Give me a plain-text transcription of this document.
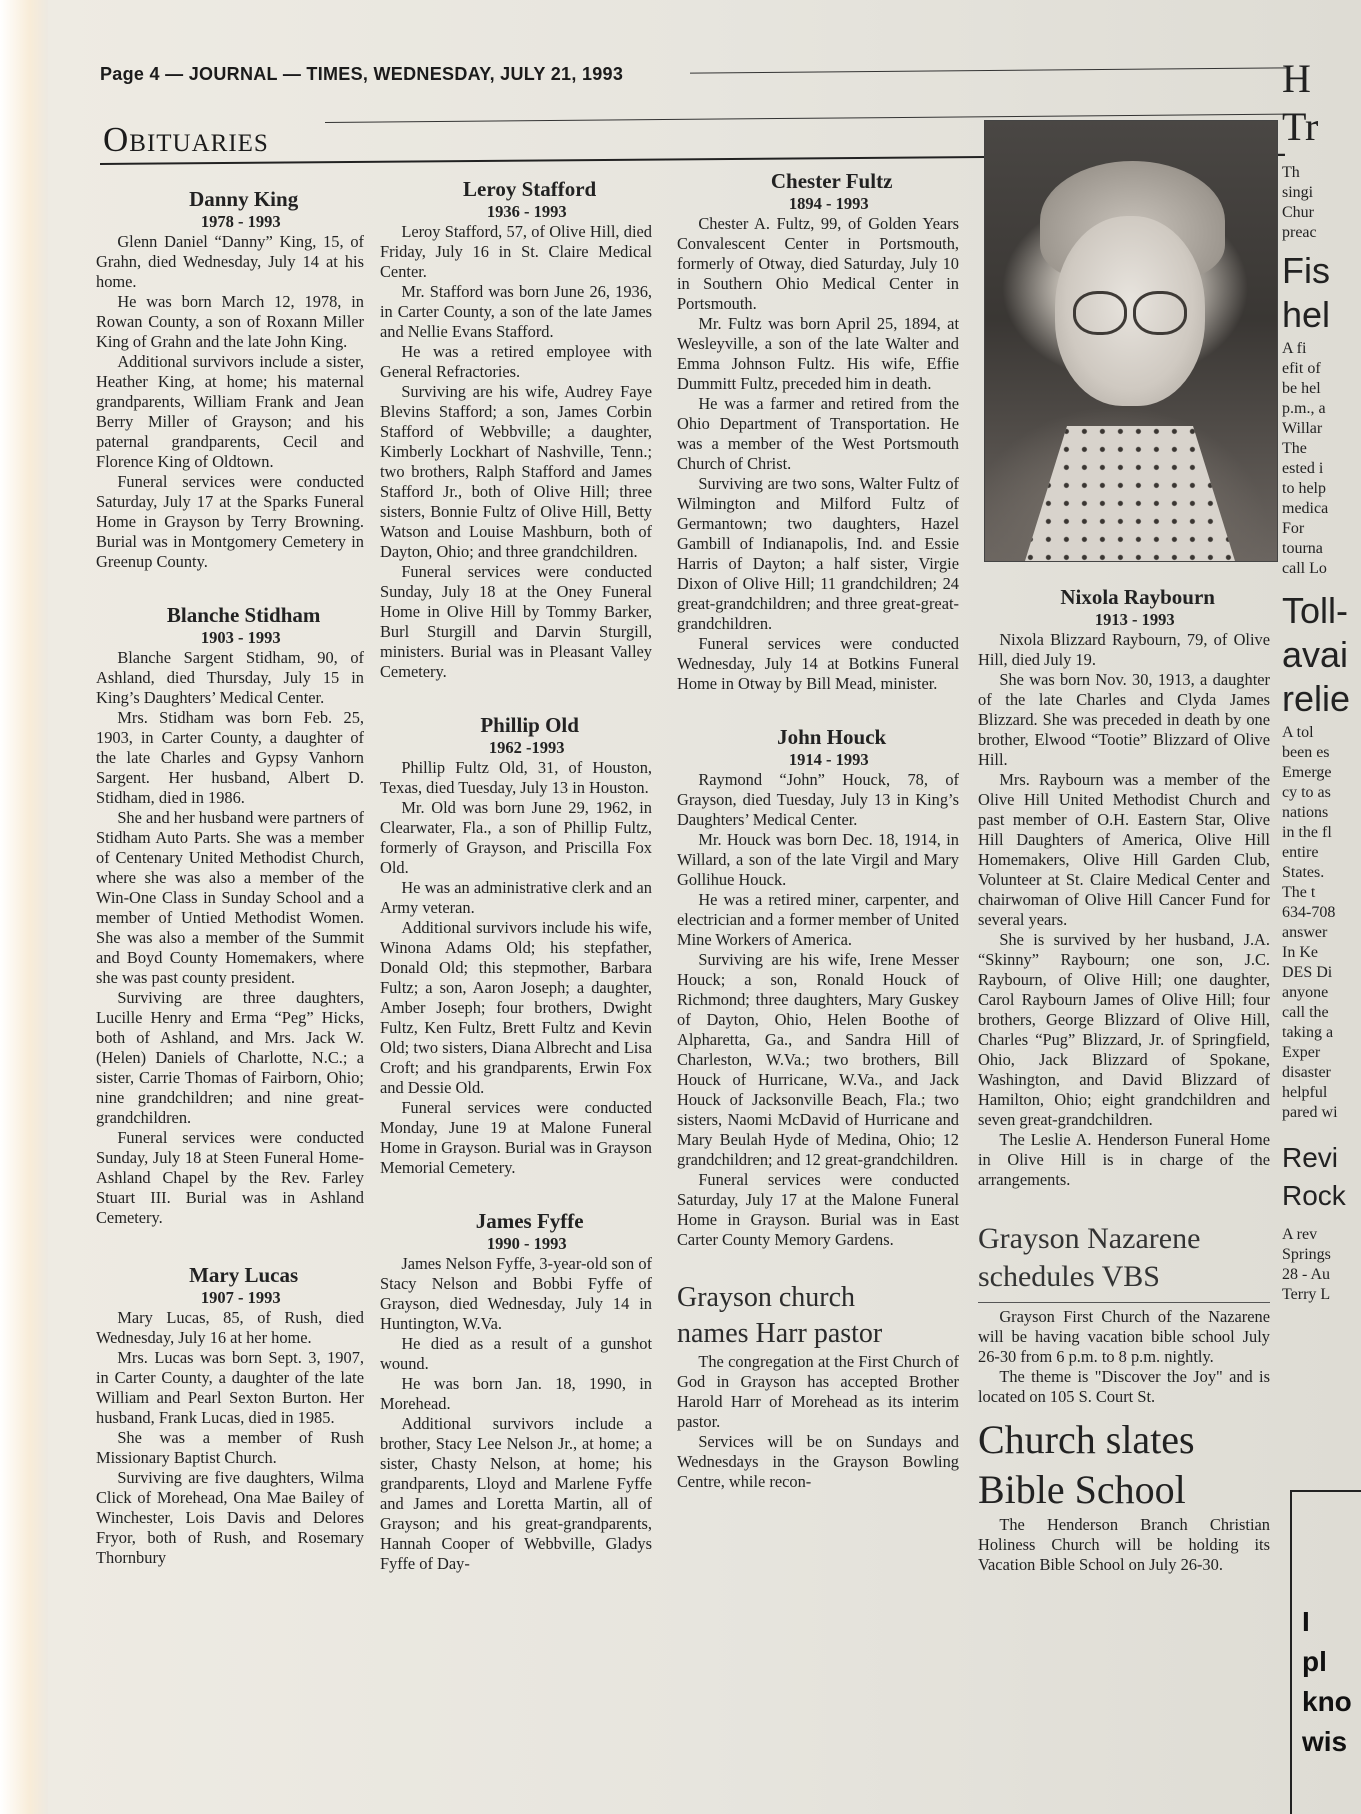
Page 4 — JOURNAL — TIMES, WEDNESDAY, JULY 21, 1993
Obituaries

Danny King

1978 - 1993

Glenn Daniel “Danny” King, 15, of Grahn, died Wednesday, July 14 at his home.

He was born March 12, 1978, in Rowan County, a son of Roxann Miller King of Grahn and the late John King.

Additional survivors include a sister, Heather King, at home; his maternal grandparents, William Frank and Jean Berry Miller of Grayson; and his paternal grandparents, Cecil and Florence King of Oldtown.

Funeral services were conducted Saturday, July 17 at the Sparks Funeral Home in Grayson by Terry Browning. Burial was in Montgomery Cemetery in Greenup County.

Blanche Stidham

1903 - 1993

Blanche Sargent Stidham, 90, of Ashland, died Thursday, July 15 in King’s Daughters’ Medical Center.

Mrs. Stidham was born Feb. 25, 1903, in Carter County, a daughter of the late Charles and Gypsy Vanhorn Sargent. Her husband, Albert D. Stidham, died in 1986.

She and her husband were partners of Stidham Auto Parts. She was a member of Centenary United Methodist Church, where she was also a member of the Win-One Class in Sunday School and a member of Untied Methodist Women. She was also a member of the Summit and Boyd County Homemakers, where she was past county president.

Surviving are three daughters, Lucille Henry and Erma “Peg” Hicks, both of Ashland, and Mrs. Jack W. (Helen) Daniels of Charlotte, N.C.; a sister, Carrie Thomas of Fairborn, Ohio; nine grandchildren; and nine great-grandchildren.

Funeral services were conducted Sunday, July 18 at Steen Funeral Home-Ashland Chapel by the Rev. Farley Stuart III. Burial was in Ashland Cemetery.

Mary Lucas

1907 - 1993

Mary Lucas, 85, of Rush, died Wednesday, July 16 at her home.

Mrs. Lucas was born Sept. 3, 1907, in Carter County, a daughter of the late William and Pearl Sexton Burton. Her husband, Frank Lucas, died in 1985.

She was a member of Rush Missionary Baptist Church.

Surviving are five daughters, Wilma Click of Morehead, Ona Mae Bailey of Winchester, Lois Davis and Delores Fryor, both of Rush, and Rosemary Thornbury

Leroy Stafford

1936 - 1993

Leroy Stafford, 57, of Olive Hill, died Friday, July 16 in St. Claire Medical Center.

Mr. Stafford was born June 26, 1936, in Carter County, a son of the late James and Nellie Evans Stafford.

He was a retired employee with General Refractories.

Surviving are his wife, Audrey Faye Blevins Stafford; a son, James Corbin Stafford of Webbville; a daughter, Kimberly Lockhart of Nashville, Tenn.; two brothers, Ralph Stafford and James Stafford Jr., both of Olive Hill; three sisters, Bonnie Fultz of Olive Hill, Betty Watson and Louise Mashburn, both of Dayton, Ohio; and three grandchildren.

Funeral services were conducted Sunday, July 18 at the Oney Funeral Home in Olive Hill by Tommy Barker, Burl Sturgill and Darvin Sturgill, ministers. Burial was in Pleasant Valley Cemetery.

Phillip Old

1962 -1993

Phillip Fultz Old, 31, of Houston, Texas, died Tuesday, July 13 in Houston.

Mr. Old was born June 29, 1962, in Clearwater, Fla., a son of Phillip Fultz, formerly of Grayson, and Priscilla Fox Old.

He was an administrative clerk and an Army veteran.

Additional survivors include his wife, Winona Adams Old; his stepfather, Donald Old; this stepmother, Barbara Fultz; a son, Aaron Joseph; a daughter, Amber Joseph; four brothers, Dwight Fultz, Ken Fultz, Brett Fultz and Kevin Old; two sisters, Diana Albrecht and Lisa Croft; and his grandparents, Erwin Fox and Dessie Old.

Funeral services were conducted Monday, June 19 at Malone Funeral Home in Grayson. Burial was in Grayson Memorial Cemetery.

James Fyffe

1990 - 1993

James Nelson Fyffe, 3-year-old son of Stacy Nelson and Bobbi Fyffe of Grayson, died Wednesday, July 14 in Huntington, W.Va.

He died as a result of a gunshot wound.

He was born Jan. 18, 1990, in Morehead.

Additional survivors include a brother, Stacy Lee Nelson Jr., at home; a sister, Chasty Nelson, at home; his grandparents, Lloyd and Marlene Fyffe and James and Loretta Martin, all of Grayson; and his great-grandparents, Hannah Cooper of Webbville, Gladys Fyffe of Day-

Chester Fultz

1894 - 1993

Chester A. Fultz, 99, of Golden Years Convalescent Center in Portsmouth, formerly of Otway, died Saturday, July 10 in Southern Ohio Medical Center in Portsmouth.

Mr. Fultz was born April 25, 1894, at Wesleyville, a son of the late Walter and Emma Johnson Fultz. His wife, Effie Dummitt Fultz, preceded him in death.

He was a farmer and retired from the Ohio Department of Transportation. He was a member of the West Portsmouth Church of Christ.

Surviving are two sons, Walter Fultz of Wilmington and Milford Fultz of Germantown; two daughters, Hazel Gambill of Indianapolis, Ind. and Essie Harris of Dayton; a half sister, Virgie Dixon of Olive Hill; 11 grandchildren; 24 great-grandchildren; and three great-great-grandchildren.

Funeral services were conducted Wednesday, July 14 at Botkins Funeral Home in Otway by Bill Mead, minister.

John Houck

1914 - 1993

Raymond “John” Houck, 78, of Grayson, died Tuesday, July 13 in King’s Daughters’ Medical Center.

Mr. Houck was born Dec. 18, 1914, in Willard, a son of the late Virgil and Mary Gollihue Houck.

He was a retired miner, carpenter, and electrician and a former member of United Mine Workers of America.

Surviving are his wife, Irene Messer Houck; a son, Ronald Houck of Richmond; three daughters, Mary Guskey of Dayton, Ohio, Helen Boothe of Alpharetta, Ga., and Sandra Hill of Charleston, W.Va.; two brothers, Bill Houck of Hurricane, W.Va., and Jack Houck of Jacksonville Beach, Fla.; two sisters, Naomi McDavid of Hurricane and Mary Beulah Hyde of Medina, Ohio; 12 grandchildren; and 12 great-grandchildren.

Funeral services were conducted Saturday, July 17 at the Malone Funeral Home in Grayson. Burial was in East Carter County Memory Gardens.

Grayson church
names Harr pastor

The congregation at the First Church of God in Grayson has accepted Brother Harold Harr of Morehead as its interim pastor.

Services will be on Sundays and Wednesdays in the Grayson Bowling Centre, while recon-

Nixola Raybourn

1913 - 1993

Nixola Blizzard Raybourn, 79, of Olive Hill, died July 19.

She was born Nov. 30, 1913, a daughter of the late Charles and Clyda James Blizzard. She was preceded in death by one brother, Elwood “Tootie” Blizzard of Olive Hill.

Mrs. Raybourn was a member of the Olive Hill United Methodist Church and past member of O.H. Eastern Star, Olive Hill Daughters of America, Olive Hill Homemakers, Olive Hill Garden Club, Volunteer at St. Claire Medical Center and chairwoman of Olive Hill Cancer Fund for several years.

She is survived by her husband, J.A. “Skinny” Raybourn; one son, J.C. Raybourn, of Olive Hill; one daughter, Carol Raybourn James of Olive Hill; four brothers, George Blizzard of Olive Hill, Charles “Pug” Blizzard, Jr. of Springfield, Ohio, Jack Blizzard of Spokane, Washington, and David Blizzard of Hamilton, Ohio; eight grandchildren and seven great-grandchildren.

The Leslie A. Henderson Funeral Home in Olive Hill is in charge of the arrangements.

Grayson Nazarene
schedules VBS

Grayson First Church of the Nazarene will be having vacation bible school July 26-30 from 6 p.m. to 8 p.m. nightly.

The theme is "Discover the Joy" and is located on 105 S. Court St.

Church slates
Bible School

The Henderson Branch Christian Holiness Church will be holding its Vacation Bible School on July 26-30.

H
Tr
Th
singi
Chur
preac
Fis
hel
A fi
efit of
be hel
p.m., a
Willar
The
ested i
to help
medica
For
tourna
call Lo
Toll-
avai
relie
A tol
been es
Emerge
cy to as
nations
in the fl
entire
States.
The t
634-708
answer
In Ke
DES Di
anyone
call the
taking a
Exper
disaster
helpful
pared wi
Revi
Rock
A rev
Springs
28 - Au
Terry L
I
pl
kno
wis
